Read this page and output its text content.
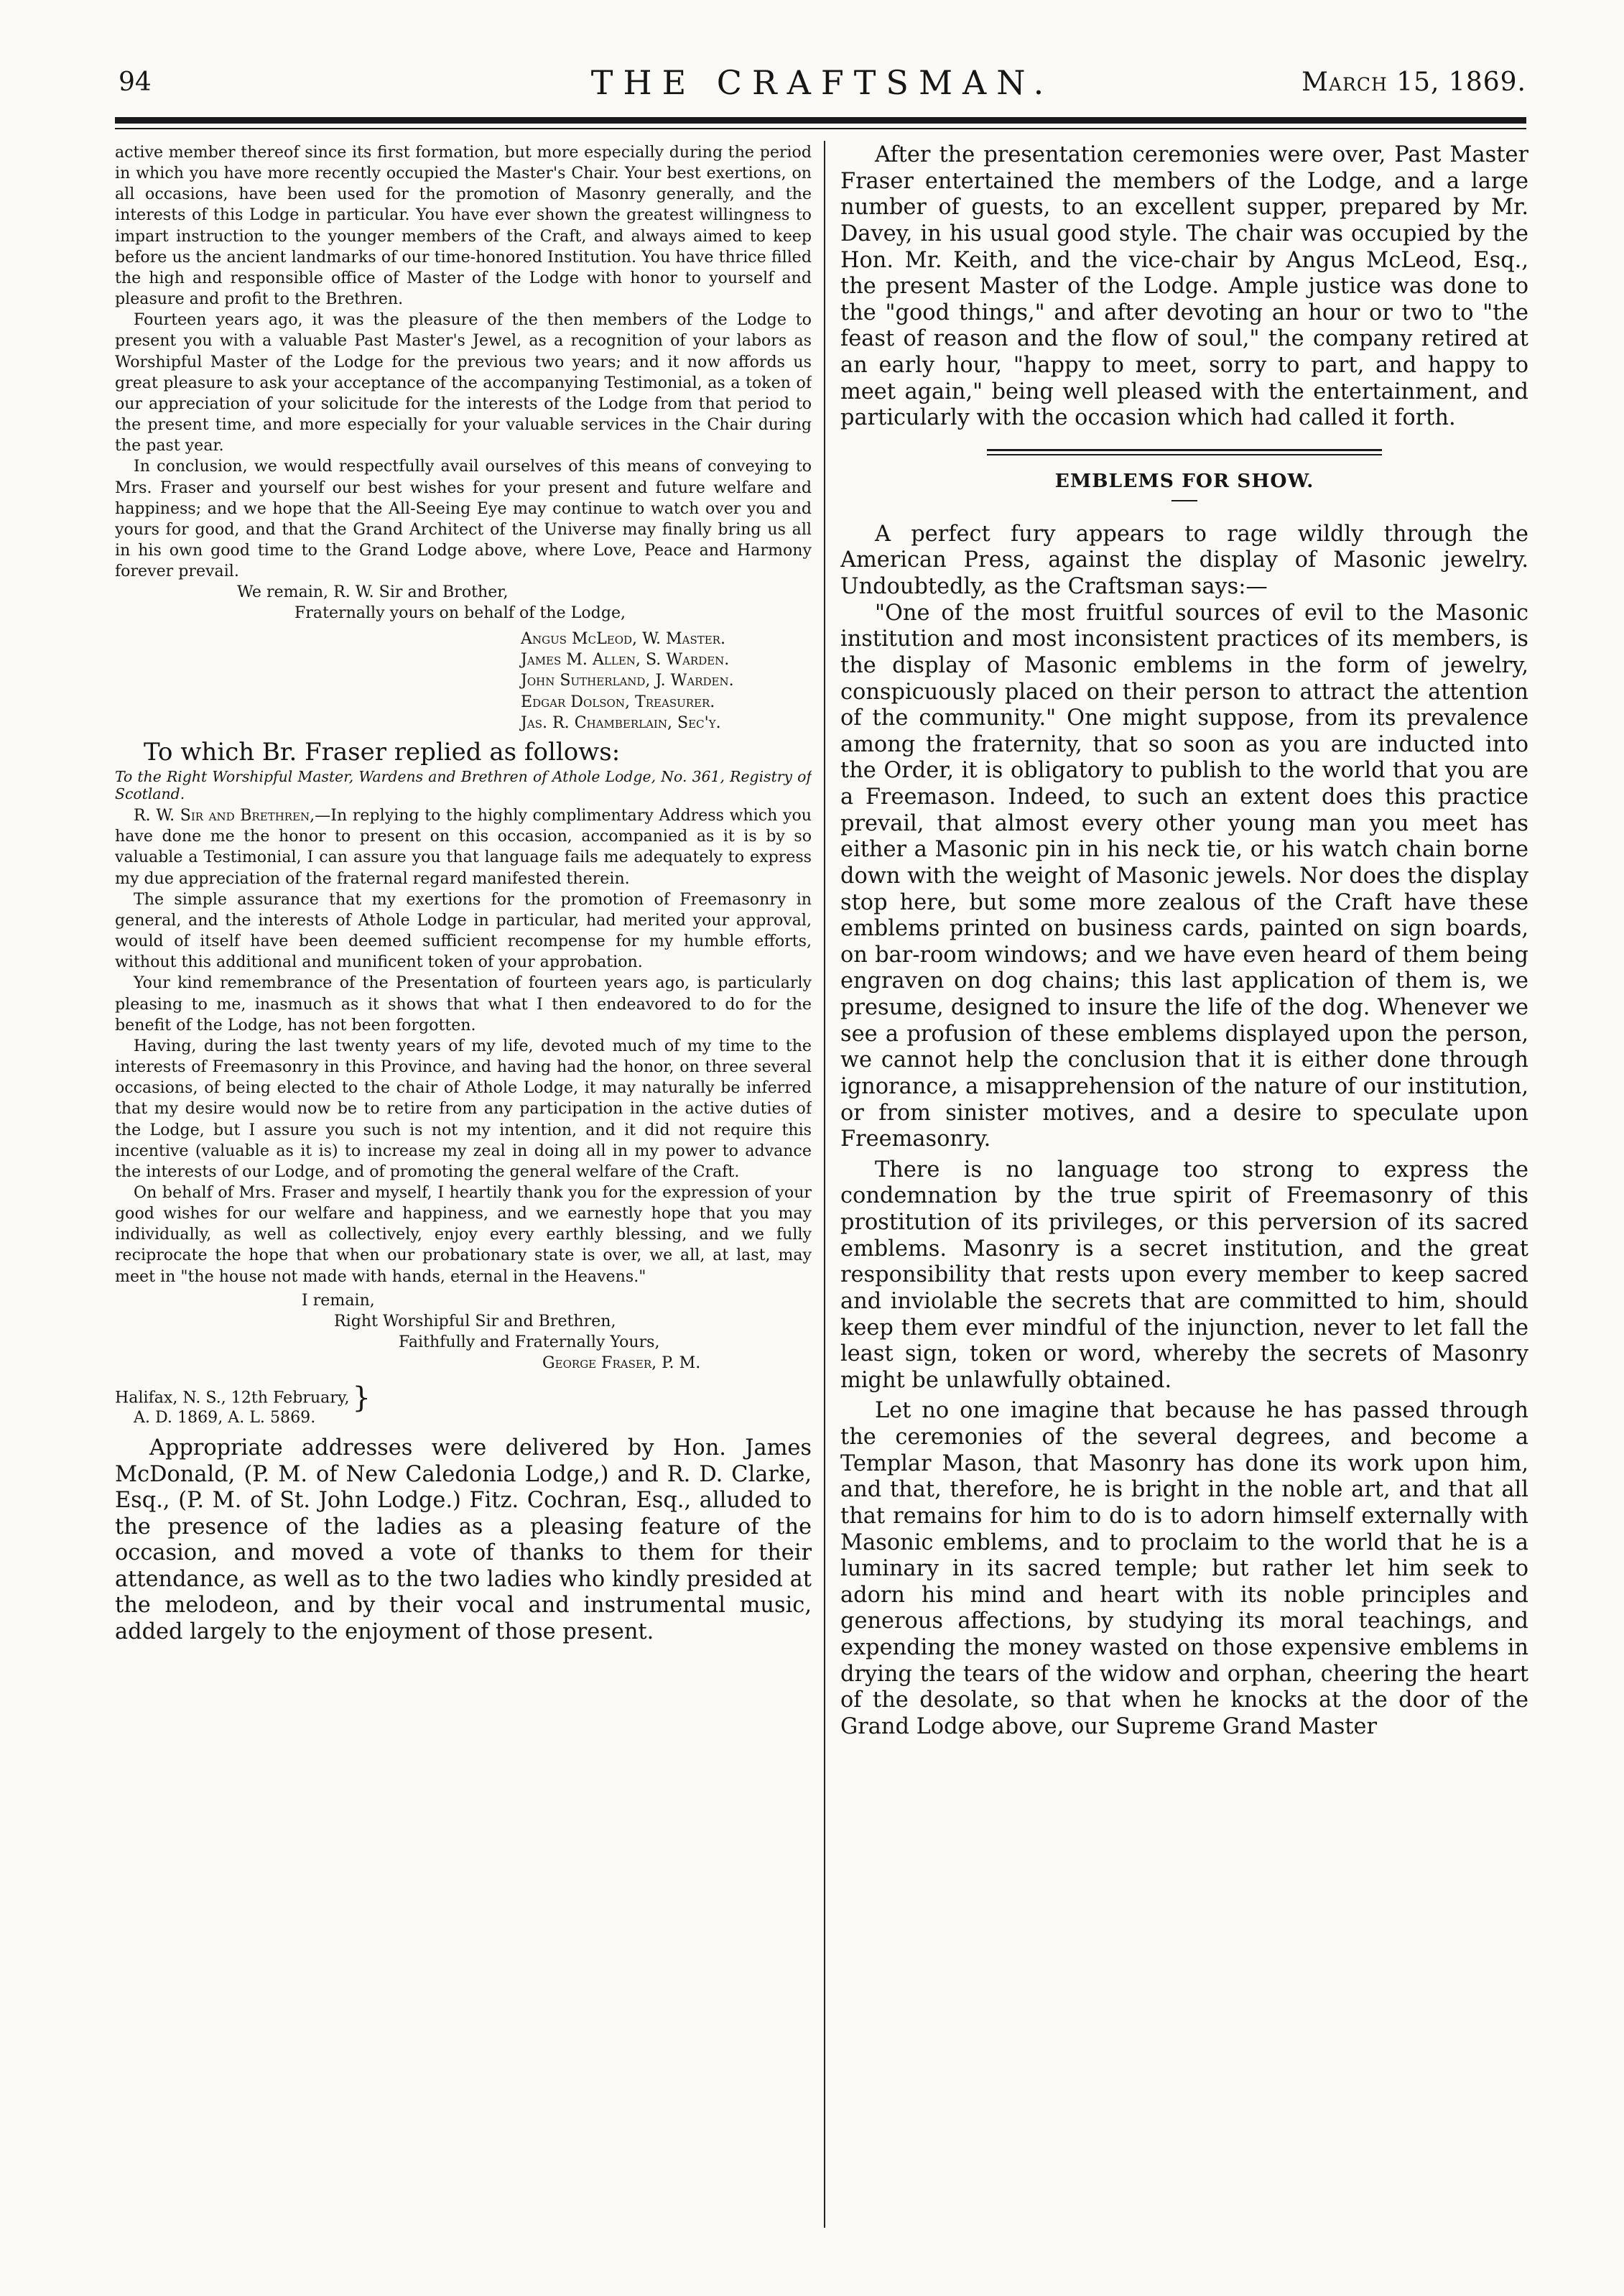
94	THE CRAFTSMAN.	March 15, 1869.

active member thereof since its first formation, but more especially during the period in which you have more recently occupied the Master's Chair. Your best exertions, on all occasions, have been used for the promotion of Masonry generally, and the interests of this Lodge in particular. You have ever shown the greatest willingness to impart instruction to the younger members of the Craft, and always aimed to keep before us the ancient landmarks of our time-honored Institution. You have thrice filled the high and responsible office of Master of the Lodge with honor to yourself and pleasure and profit to the Brethren.

Fourteen years ago, it was the pleasure of the then members of the Lodge to present you with a valuable Past Master's Jewel, as a recognition of your labors as Worshipful Master of the Lodge for the previous two years; and it now affords us great pleasure to ask your acceptance of the accompanying Testimonial, as a token of our appreciation of your solicitude for the interests of the Lodge from that period to the present time, and more especially for your valuable services in the Chair during the past year.

In conclusion, we would respectfully avail ourselves of this means of conveying to Mrs. Fraser and yourself our best wishes for your present and future welfare and happiness; and we hope that the All-Seeing Eye may continue to watch over you and yours for good, and that the Grand Architect of the Universe may finally bring us all in his own good time to the Grand Lodge above, where Love, Peace and Harmony forever prevail.

We remain, R. W. Sir and Brother,

Fraternally yours on behalf of the Lodge,

Angus McLeod, W. Master.
James M. Allen, S. Warden.
John Sutherland, J. Warden.
Edgar Dolson, Treasurer.
Jas. R. Chamberlain, Sec'y.

To which Br. Fraser replied as follows:

To the Right Worshipful Master, Wardens and Brethren of Athole Lodge, No. 361, Registry of Scotland.

R. W. Sir and Brethren,—In replying to the highly complimentary Address which you have done me the honor to present on this occasion, accompanied as it is by so valuable a Testimonial, I can assure you that language fails me adequately to express my due appreciation of the fraternal regard manifested therein.

The simple assurance that my exertions for the promotion of Freemasonry in general, and the interests of Athole Lodge in particular, had merited your approval, would of itself have been deemed sufficient recompense for my humble efforts, without this additional and munificent token of your approbation.

Your kind remembrance of the Presentation of fourteen years ago, is particularly pleasing to me, inasmuch as it shows that what I then endeavored to do for the benefit of the Lodge, has not been forgotten.

Having, during the last twenty years of my life, devoted much of my time to the interests of Freemasonry in this Province, and having had the honor, on three several occasions, of being elected to the chair of Athole Lodge, it may naturally be inferred that my desire would now be to retire from any participation in the active duties of the Lodge, but I assure you such is not my intention, and it did not require this incentive (valuable as it is) to increase my zeal in doing all in my power to advance the interests of our Lodge, and of promoting the general welfare of the Craft.

On behalf of Mrs. Fraser and myself, I heartily thank you for the expression of your good wishes for our welfare and happiness, and we earnestly hope that you may individually, as well as collectively, enjoy every earthly blessing, and we fully reciprocate the hope that when our probationary state is over, we all, at last, may meet in "the house not made with hands, eternal in the Heavens."

I remain,

Right Worshipful Sir and Brethren,

Faithfully and Fraternally Yours,

George Fraser, P. M.

Halifax, N. S., 12th February, }
A. D. 1869, A. L. 5869.

Appropriate addresses were delivered by Hon. James McDonald, (P. M. of New Caledonia Lodge,) and R. D. Clarke, Esq., (P. M. of St. John Lodge.) Fitz. Cochran, Esq., alluded to the presence of the ladies as a pleasing feature of the occasion, and moved a vote of thanks to them for their attendance, as well as to the two ladies who kindly presided at the melodeon, and by their vocal and instrumental music, added largely to the enjoyment of those present.

After the presentation ceremonies were over, Past Master Fraser entertained the members of the Lodge, and a large number of guests, to an excellent supper, prepared by Mr. Davey, in his usual good style. The chair was occupied by the Hon. Mr. Keith, and the vice-chair by Angus McLeod, Esq., the present Master of the Lodge. Ample justice was done to the "good things," and after devoting an hour or two to "the feast of reason and the flow of soul," the company retired at an early hour, "happy to meet, sorry to part, and happy to meet again," being well pleased with the entertainment, and particularly with the occasion which had called it forth.

EMBLEMS FOR SHOW.

A perfect fury appears to rage wildly through the American Press, against the display of Masonic jewelry. Undoubtedly, as the Craftsman says:—

"One of the most fruitful sources of evil to the Masonic institution and most inconsistent practices of its members, is the display of Masonic emblems in the form of jewelry, conspicuously placed on their person to attract the attention of the community." One might suppose, from its prevalence among the fraternity, that so soon as you are inducted into the Order, it is obligatory to publish to the world that you are a Freemason. Indeed, to such an extent does this practice prevail, that almost every other young man you meet has either a Masonic pin in his neck tie, or his watch chain borne down with the weight of Masonic jewels. Nor does the display stop here, but some more zealous of the Craft have these emblems printed on business cards, painted on sign boards, on bar-room windows; and we have even heard of them being engraven on dog chains; this last application of them is, we presume, designed to insure the life of the dog. Whenever we see a profusion of these emblems displayed upon the person, we cannot help the conclusion that it is either done through ignorance, a misapprehension of the nature of our institution, or from sinister motives, and a desire to speculate upon Freemasonry.

There is no language too strong to express the condemnation by the true spirit of Freemasonry of this prostitution of its privileges, or this perversion of its sacred emblems. Masonry is a secret institution, and the great responsibility that rests upon every member to keep sacred and inviolable the secrets that are committed to him, should keep them ever mindful of the injunction, never to let fall the least sign, token or word, whereby the secrets of Masonry might be unlawfully obtained.

Let no one imagine that because he has passed through the ceremonies of the several degrees, and become a Templar Mason, that Masonry has done its work upon him, and that, therefore, he is bright in the noble art, and that all that remains for him to do is to adorn himself externally with Masonic emblems, and to proclaim to the world that he is a luminary in its sacred temple; but rather let him seek to adorn his mind and heart with its noble principles and generous affections, by studying its moral teachings, and expending the money wasted on those expensive emblems in drying the tears of the widow and orphan, cheering the heart of the desolate, so that when he knocks at the door of the Grand Lodge above, our Supreme Grand Master
